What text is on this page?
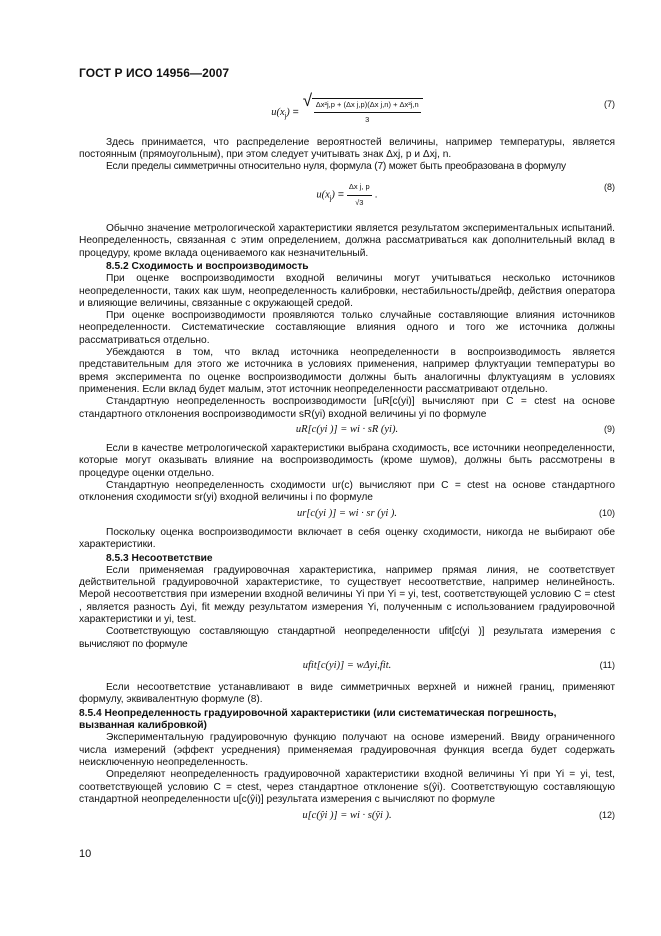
ГОСТ Р ИСО 14956—2007
$u(x_j)$ =
√ $\frac{\text{Δx²j,p + (Δx j,p)(Δx j,n) + Δx²j,n}}{3}$	(7)

Здесь принимается, что распределение вероятностей величины, например температуры, является постоянным (прямоугольным), при этом следует учитывать знак Δxj, p и Δxj, n.

Если пределы симметричны относительно нуля, формула (7) может быть преобразована в формулу

$u(x_j) = \frac{\text{Δx j, p}}{√3}$ .
(8)

Обычно значение метрологической характеристики является результатом экспериментальных испытаний. Неопределенность, связанная с этим определением, должна рассматриваться как дополнительный вклад в процедуру, кроме вклада оцениваемого как незначительный.

8.5.2 Сходимость и воспроизводимость

При оценке воспроизводимости входной величины могут учитываться несколько источников неопределенности, таких как шум, неопределенность калибровки, нестабильность/дрейф, действия оператора и влияющие величины, связанные с окружающей средой.

При оценке воспроизводимости проявляются только случайные составляющие влияния источников неопределенности. Систематические составляющие влияния одного и того же источника должны рассматриваться отдельно.

Убеждаются в том, что вклад источника неопределенности в воспроизводимость является представительным для этого же источника в условиях применения, например флуктуации температуры во время эксперимента по оценке воспроизводимости должны быть аналогичны флуктуациям в условиях применения. Если вклад будет малым, этот источник неопределенности рассматривают отдельно.

Стандартную неопределенность воспроизводимости [uR[c(yi)] вычисляют при C = ctest на основе стандартного отклонения воспроизводимости sR(yi) входной величины yi по формуле

uR[c(yi )] = wi · sR (yi).	(9)

Если в качестве метрологической характеристики выбрана сходимость, все источники неопределенности, которые могут оказывать влияние на воспроизводимость (кроме шумов), должны быть рассмотрены в процедуре оценки отдельно.

Стандартную неопределенность сходимости ur(c) вычисляют при C = ctest на основе стандартного отклонения сходимости sr(yi) входной величины i по формуле

ur[c(yi )] = wi · sr (yi ).	(10)

Поскольку оценка воспроизводимости включает в себя оценку сходимости, никогда не выбирают обе характеристики.

8.5.3 Несоответствие

Если применяемая градуировочная характеристика, например прямая линия, не соответствует действительной градуировочной характеристике, то существует несоответствие, например нелинейность. Мерой несоответствия при измерении входной величины Yi при Yi = yi, test, соответствующей условию C = ctest , является разность Δyi, fit между результатом измерения Yi, полученным с использованием градуировочной характеристики и yi, test.

Соответствующую составляющую стандартной неопределенности ufit[c(yi )] результата измерения c вычисляют по формуле

ufit[c(yi)] = wΔyi,fit.	(11)

Если несоответствие устанавливают в виде симметричных верхней и нижней границ, применяют формулу, эквивалентную формуле (8).

8.5.4 Неопределенность градуировочной характеристики (или систематическая погрешность, вызванная калибровкой)

Экспериментальную градуировочную функцию получают на основе измерений. Ввиду ограниченного числа измерений (эффект усреднения) применяемая градуировочная функция всегда будет содержать неисключенную неопределенность.

Определяют неопределенность градуировочной характеристики входной величины Yi при Yi = yi, test, соответствующей условию C = ctest, через стандартное отклонение s(ŷi). Соответствующую составляющую стандартной неопределенности u[c(ŷi)] результата измерения c вычисляют по формуле

u[c(ŷi )] = wi · s(ŷi ).	(12)
10
